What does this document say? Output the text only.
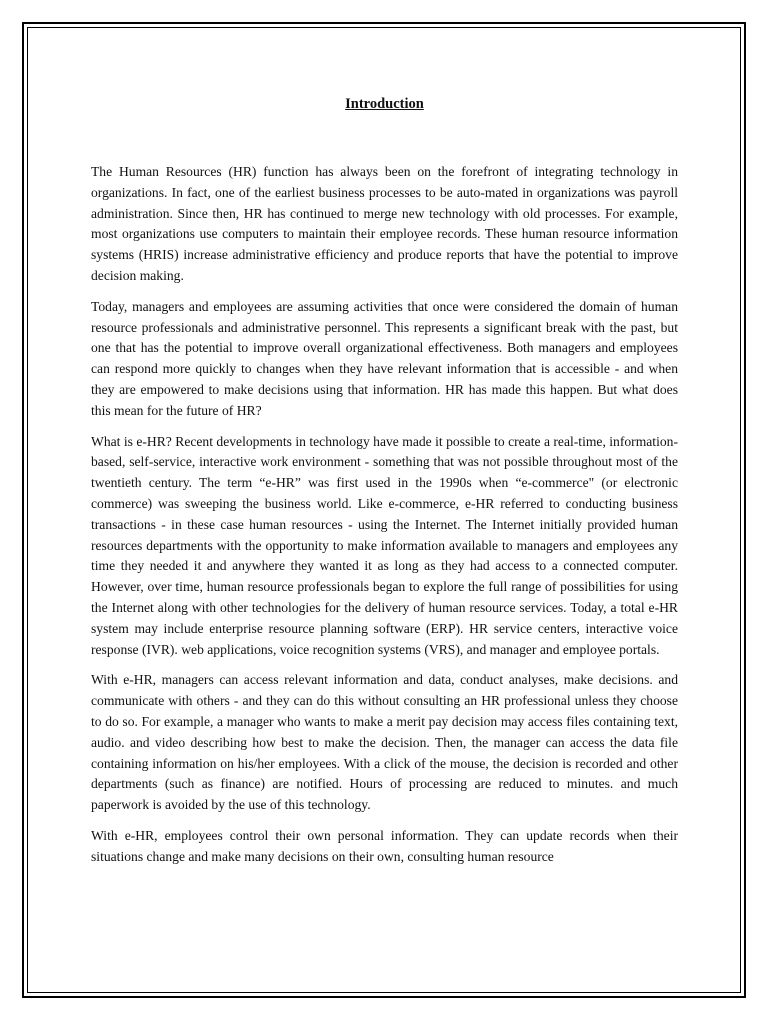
Introduction

The Human Resources (HR) function has always been on the forefront of integrating technology in organizations. In fact, one of the earliest business processes to be auto-mated in organizations was payroll administration. Since then, HR has continued to merge new technology with old processes. For example, most organizations use computers to maintain their employee records. These human resource information systems (HRIS) increase administrative efficiency and produce reports that have the potential to improve decision making.

Today, managers and employees are assuming activities that once were considered the domain of human resource professionals and administrative personnel. This represents a significant break with the past, but one that has the potential to improve overall organizational effectiveness. Both managers and employees can respond more quickly to changes when they have relevant information that is accessible - and when they are empowered to make decisions using that information. HR has made this happen. But what does this mean for the future of HR?

What is e-HR? Recent developments in technology have made it possible to create a real-time, information-based, self-service, interactive work environment - something that was not possible throughout most of the twentieth century. The term “e-HR” was first used in the 1990s when “e-commerce" (or electronic commerce) was sweeping the business world. Like e-commerce, e-HR referred to conducting business transactions - in these case human resources - using the Internet. The Internet initially provided human resources departments with the opportunity to make information available to managers and employees any time they needed it and anywhere they wanted it as long as they had access to a connected computer. However, over time, human resource professionals began to explore the full range of possibilities for using the Internet along with other technologies for the delivery of human resource services. Today, a total e-HR system may include enterprise resource planning software (ERP). HR service centers, interactive voice response (IVR). web applications, voice recognition systems (VRS), and manager and employee portals.

With e-HR, managers can access relevant information and data, conduct analyses, make decisions. and communicate with others - and they can do this without consulting an HR professional unless they choose to do so. For example, a manager who wants to make a merit pay decision may access files containing text, audio. and video describing how best to make the decision. Then, the manager can access the data file containing information on his/her employees. With a click of the mouse, the decision is recorded and other departments (such as finance) are notified. Hours of processing are reduced to minutes. and much paperwork is avoided by the use of this technology.

With e-HR, employees control their own personal information. They can update records when their situations change and make many decisions on their own, consulting human resource
